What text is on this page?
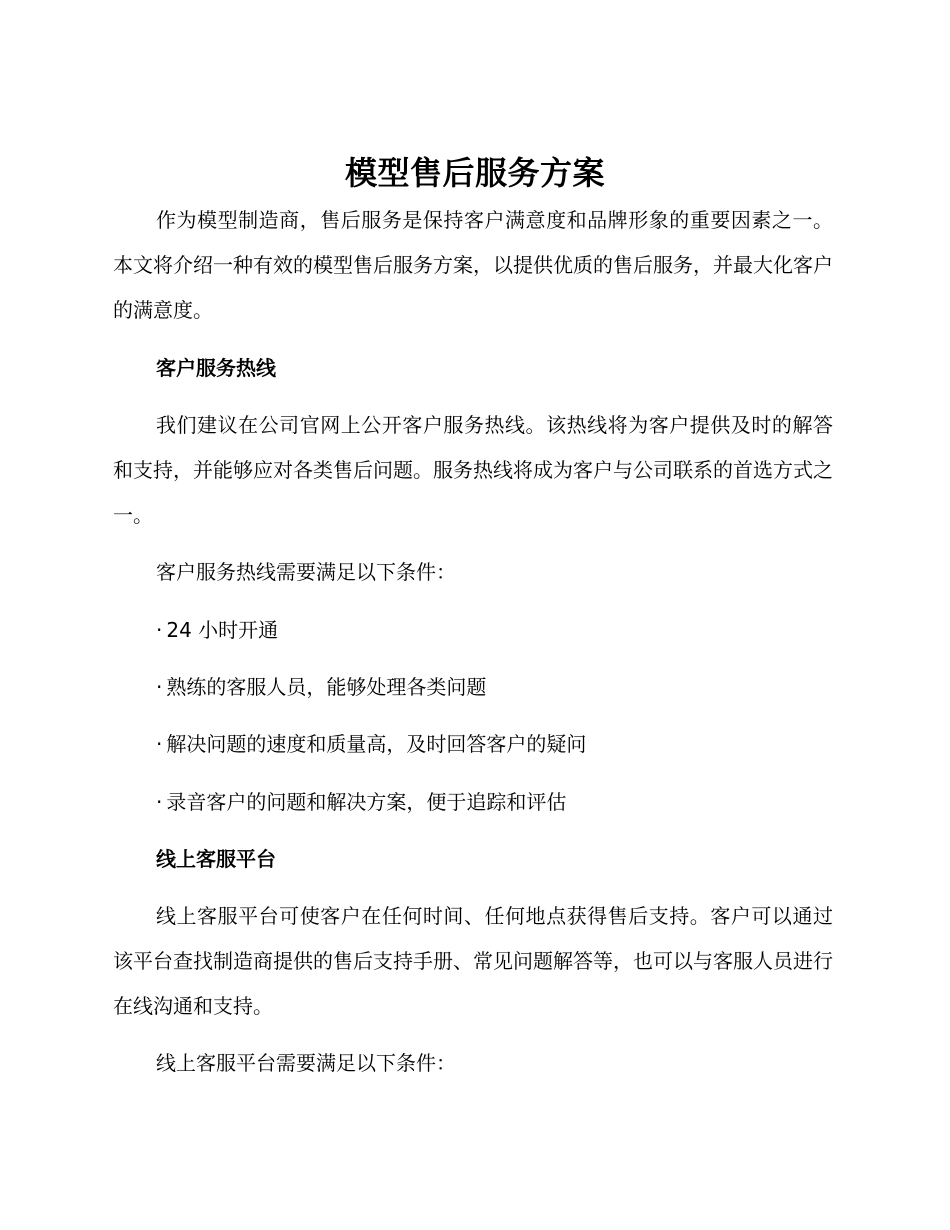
模型售后服务方案
作为模型制造商，售后服务是保持客户满意度和品牌形象的重要因素之一。本文将介绍一种有效的模型售后服务方案，以提供优质的售后服务，并最大化客户的满意度。
客户服务热线
我们建议在公司官网上公开客户服务热线。该热线将为客户提供及时的解答和支持，并能够应对各类售后问题。服务热线将成为客户与公司联系的首选方式之一。
客户服务热线需要满足以下条件：
· 24 小时开通
· 熟练的客服人员，能够处理各类问题
· 解决问题的速度和质量高，及时回答客户的疑问
· 录音客户的问题和解决方案，便于追踪和评估
线上客服平台
线上客服平台可使客户在任何时间、任何地点获得售后支持。客户可以通过该平台查找制造商提供的售后支持手册、常见问题解答等，也可以与客服人员进行在线沟通和支持。
线上客服平台需要满足以下条件：
